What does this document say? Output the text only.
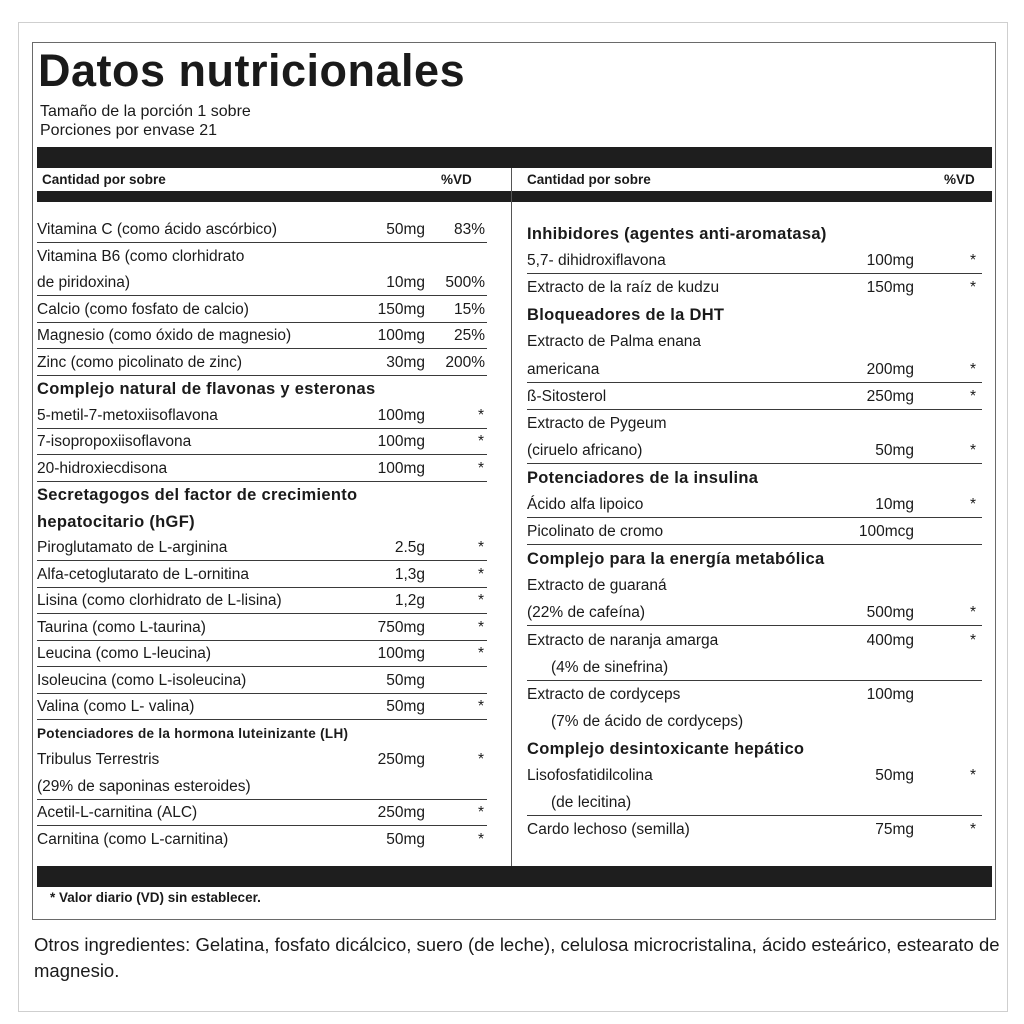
Datos nutricionales
Tamaño de la porción 1 sobre
Porciones por envase 21
Cantidad por sobre	%VD	Cantidad por sobre	%VD
Vitamina C (como ácido ascórbico)	50mg 83%
Vitamina B6 (como clorhidrato
de piridoxina)	10mg 500%
Calcio (como fosfato de calcio)	150mg 15%
Magnesio (como óxido de magnesio)	100mg 25%
Zinc (como picolinato de zinc)	30mg 200%
Complejo natural de flavonas y esteronas
5-metil-7-metoxiisoflavona	100mg	*
7-isopropoxiisoflavona	100mg	*
20-hidroxiecdisona	100mg	*
Secretagogos del factor de crecimiento
hepatocitario (hGF)
Piroglutamato de L-arginina	2.5g	*
Alfa-cetoglutarato de L-ornitina	1,3g	*
Lisina (como clorhidrato de L-lisina)	1,2g	*
Taurina (como L-taurina)	750mg	*
Leucina (como L-leucina)	100mg	*
Isoleucina (como L-isoleucina)	50mg
Valina (como L- valina)	50mg	*
Potenciadores de la hormona luteinizante (LH)
Tribulus Terrestris	250mg	*
(29% de saponinas esteroides)
Acetil-L-carnitina (ALC)	250mg	*
Carnitina (como L-carnitina)	50mg	*
Inhibidores (agentes anti-aromatasa)
5,7- dihidroxiflavona	100mg	*
Extracto de la raíz de kudzu	150mg	*
Bloqueadores de la DHT
Extracto de Palma enana
americana	200mg	*
ß-Sitosterol	250mg	*
Extracto de Pygeum
(ciruelo africano)	50mg	*
Potenciadores de la insulina
Ácido alfa lipoico	10mg	*
Picolinato de cromo	100mcg
Complejo para la energía metabólica
Extracto de guaraná
(22% de cafeína)	500mg	*
Extracto de naranja amarga	400mg	*
(4% de sinefrina)
Extracto de cordyceps	100mg
(7% de ácido de cordyceps)
Complejo desintoxicante hepático
Lisofosfatidilcolina	50mg	*
(de lecitina)
Cardo lechoso (semilla)	75mg	*
* Valor diario (VD) sin establecer.

Otros ingredientes: Gelatina, fosfato dicálcico, suero (de leche), celulosa microcristalina, ácido esteárico, estearato de magnesio.
